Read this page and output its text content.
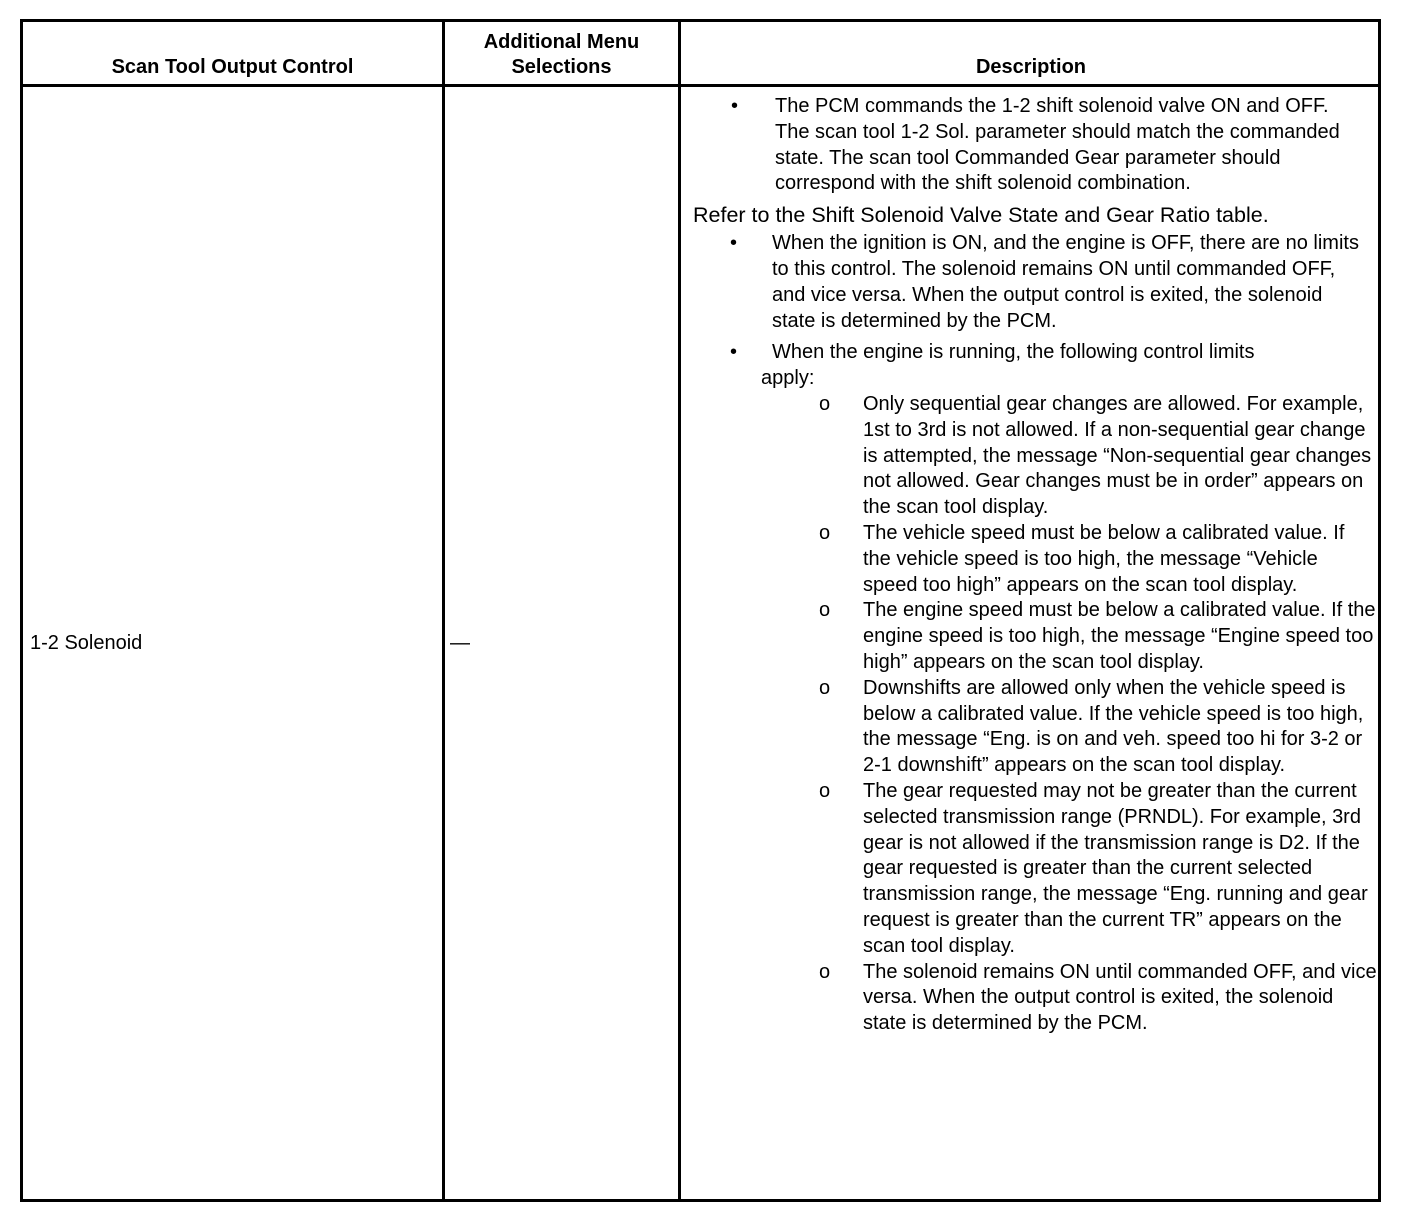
Scan Tool Output Control
Additional Menu
Selections	Description
1-2 Solenoid	—
• The PCM commands the 1-2 shift solenoid valve ON and OFF. The scan tool 1-2 Sol. parameter should match the commanded state. The scan tool Commanded Gear parameter should correspond with the shift solenoid combination.
Refer to the Shift Solenoid Valve State and Gear Ratio table.
• When the ignition is ON, and the engine is OFF, there are no limits to this control. The solenoid remains ON until commanded OFF, and vice versa. When the output control is exited, the solenoid state is determined by the PCM.
• When the engine is running, the following control limits
apply:
o Only sequential gear changes are allowed. For example, 1st to 3rd is not allowed. If a non-sequential gear change is attempted, the message “Non-sequential gear changes not allowed. Gear changes must be in order” appears on the scan tool display.
o The vehicle speed must be below a calibrated value. If the vehicle speed is too high, the message “Vehicle speed too high” appears on the scan tool display.
o The engine speed must be below a calibrated value. If the engine speed is too high, the message “Engine speed too high” appears on the scan tool display.
o Downshifts are allowed only when the vehicle speed is below a calibrated value. If the vehicle speed is too high, the message “Eng. is on and veh. speed too hi for 3-2 or 2-1 downshift” appears on the scan tool display.
o The gear requested may not be greater than the current selected transmission range (PRNDL). For example, 3rd gear is not allowed if the transmission range is D2. If the gear requested is greater than the current selected transmission range, the message “Eng. running and gear request is greater than the current TR” appears on the scan tool display.
o The solenoid remains ON until commanded OFF, and vice versa. When the output control is exited, the solenoid state is determined by the PCM.
